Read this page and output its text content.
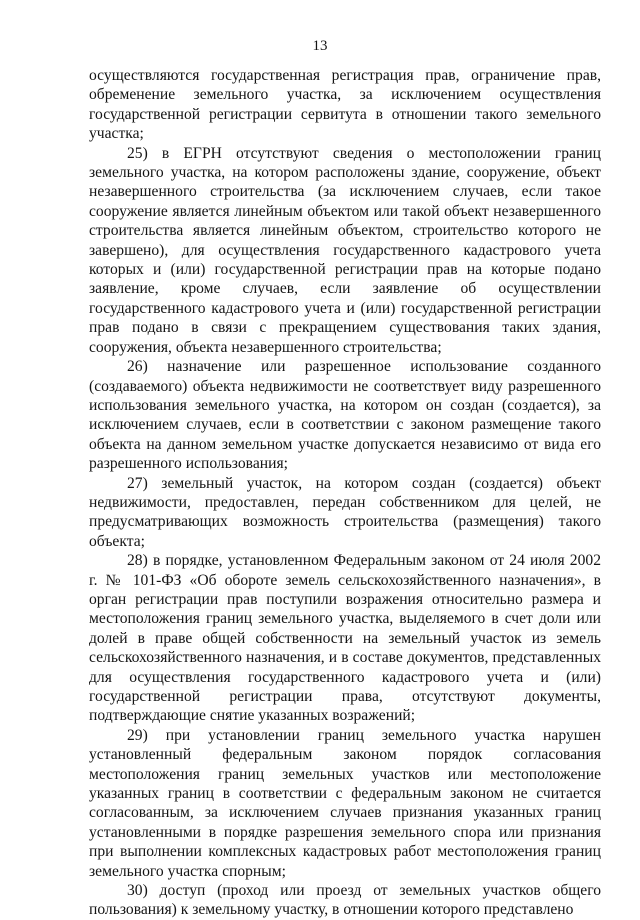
13

осуществляются государственная регистрация прав, ограничение прав, обременение земельного участка, за исключением осуществления государственной регистрации сервитута в отношении такого земельного участка;

25) в ЕГРН отсутствуют сведения о местоположении границ земельного участка, на котором расположены здание, сооружение, объект незавершенного строительства (за исключением случаев, если такое сооружение является линейным объектом или такой объект незавершенного строительства является линейным объектом, строительство которого не завершено), для осуществления государственного кадастрового учета которых и (или) государственной регистрации прав на которые подано заявление, кроме случаев, если заявление об осуществлении государственного кадастрового учета и (или) государственной регистрации прав подано в связи с прекращением существования таких здания, сооружения, объекта незавершенного строительства;

26) назначение или разрешенное использование созданного (создаваемого) объекта недвижимости не соответствует виду разрешенного использования земельного участка, на котором он создан (создается), за исключением случаев, если в соответствии с законом размещение такого объекта на данном земельном участке допускается независимо от вида его разрешенного использования;

27) земельный участок, на котором создан (создается) объект недвижимости, предоставлен, передан собственником для целей, не предусматривающих возможность строительства (размещения) такого объекта;

28) в порядке, установленном Федеральным законом от 24 июля 2002 г. № 101-ФЗ «Об обороте земель сельскохозяйственного назначения», в орган регистрации прав поступили возражения относительно размера и местоположения границ земельного участка, выделяемого в счет доли или долей в праве общей собственности на земельный участок из земель сельскохозяйственного назначения, и в составе документов, представленных для осуществления государственного кадастрового учета и (или) государственной регистрации права, отсутствуют документы, подтверждающие снятие указанных возражений;

29) при установлении границ земельного участка нарушен установленный федеральным законом порядок согласования местоположения границ земельных участков или местоположение указанных границ в соответствии с федеральным законом не считается согласованным, за исключением случаев признания указанных границ установленными в порядке разрешения земельного спора или признания при выполнении комплексных кадастровых работ местоположения границ земельного участка спорным;

30) доступ (проход или проезд от земельных участков общего пользования) к земельному участку, в отношении которого представлено
